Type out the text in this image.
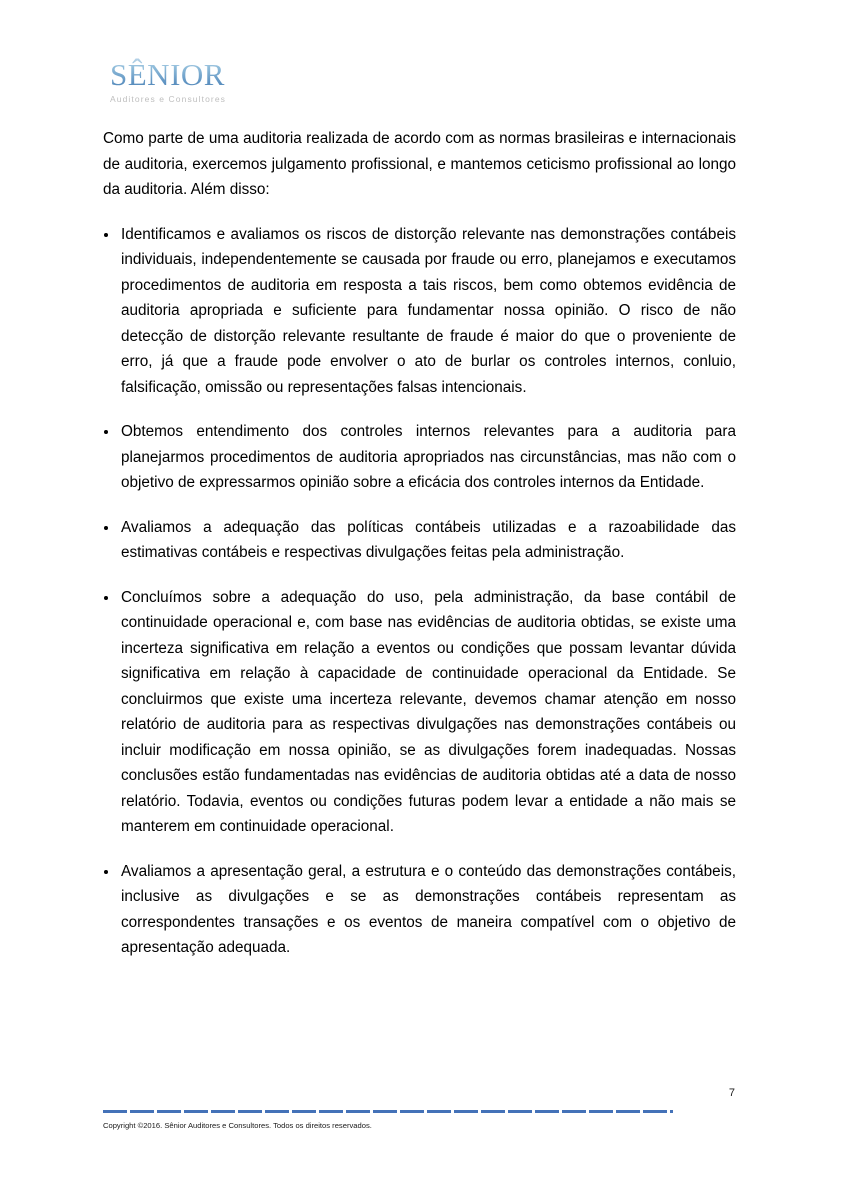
SÊNIOR
Auditores e Consultores

Como parte de uma auditoria realizada de acordo com as normas brasileiras e internacionais de auditoria, exercemos julgamento profissional, e mantemos ceticismo profissional ao longo da auditoria. Além disso:

Identificamos e avaliamos os riscos de distorção relevante nas demonstrações contábeis individuais, independentemente se causada por fraude ou erro, planejamos e executamos procedimentos de auditoria em resposta a tais riscos, bem como obtemos evidência de auditoria apropriada e suficiente para fundamentar nossa opinião. O risco de não detecção de distorção relevante resultante de fraude é maior do que o proveniente de erro, já que a fraude pode envolver o ato de burlar os controles internos, conluio, falsificação, omissão ou representações falsas intencionais.
Obtemos entendimento dos controles internos relevantes para a auditoria para planejarmos procedimentos de auditoria apropriados nas circunstâncias, mas não com o objetivo de expressarmos opinião sobre a eficácia dos controles internos da Entidade.
Avaliamos a adequação das políticas contábeis utilizadas e a razoabilidade das estimativas contábeis e respectivas divulgações feitas pela administração.
Concluímos sobre a adequação do uso, pela administração, da base contábil de continuidade operacional e, com base nas evidências de auditoria obtidas, se existe uma incerteza significativa em relação a eventos ou condições que possam levantar dúvida significativa em relação à capacidade de continuidade operacional da Entidade. Se concluirmos que existe uma incerteza relevante, devemos chamar atenção em nosso relatório de auditoria para as respectivas divulgações nas demonstrações contábeis ou incluir modificação em nossa opinião, se as divulgações forem inadequadas. Nossas conclusões estão fundamentadas nas evidências de auditoria obtidas até a data de nosso relatório. Todavia, eventos ou condições futuras podem levar a entidade a não mais se manterem em continuidade operacional.
Avaliamos a apresentação geral, a estrutura e o conteúdo das demonstrações contábeis, inclusive as divulgações e se as demonstrações contábeis representam as correspondentes transações e os eventos de maneira compatível com o objetivo de apresentação adequada.
7
Copyright ©2016. Sênior Auditores e Consultores. Todos os direitos reservados.
